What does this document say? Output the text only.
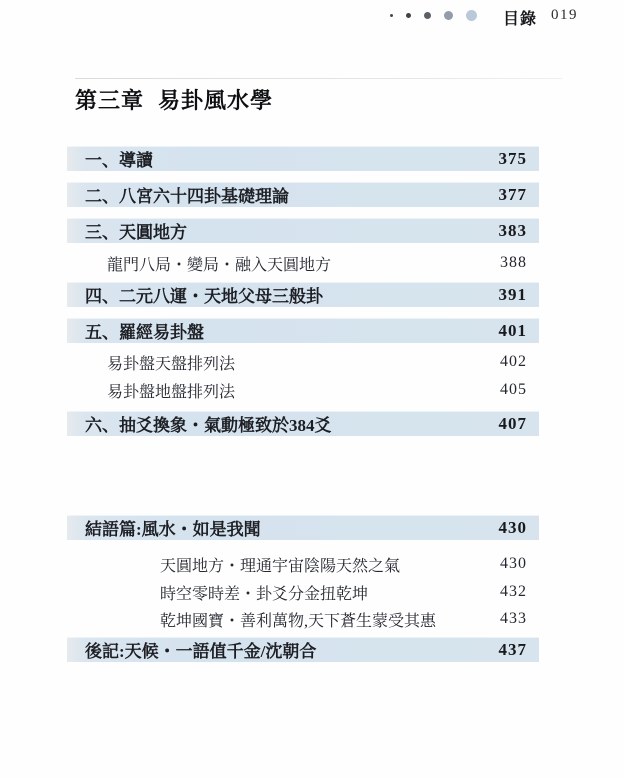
目錄 019
第三章 易卦風水學
一、導讀	375
二、八宮六十四卦基礎理論	377
三、天圓地方	383
龍門八局・變局・融入天圓地方	388
四、二元八運・天地父母三般卦	391
五、羅經易卦盤	401
易卦盤天盤排列法	402
易卦盤地盤排列法	405
六、抽爻換象・氣動極致於384爻	407
結語篇:風水・如是我聞	430
天圓地方・理通宇宙陰陽天然之氣	430
時空零時差・卦爻分金扭乾坤	432
乾坤國寶・善利萬物,天下蒼生蒙受其惠	433
後記:天候・一語值千金/沈朝合	437
